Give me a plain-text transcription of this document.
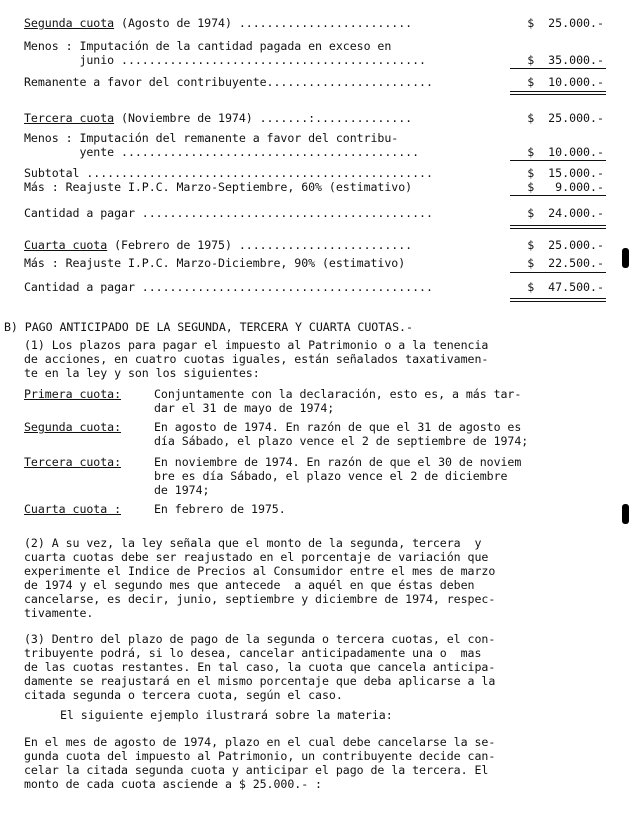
Segunda cuota (Agosto de 1974) .........................	$  25.000.-
Menos : Imputación de la cantidad pagada en exceso en
junio ............................................	$  35.000.-
Remanente a favor del contribuyente........................	$  10.000.-
Tercera cuota (Noviembre de 1974) .......:..............	$  25.000.-
Menos : Imputación del remanente a favor del contribu-
yente ...........................................	$  10.000.-
Subtotal ..................................................	$  15.000.-
Más : Reajuste I.P.C. Marzo-Septiembre, 60% (estimativo)	$   9.000.-
Cantidad a pagar ..........................................	$  24.000.-
Cuarta cuota (Febrero de 1975) .........................	$  25.000.-
Más : Reajuste I.P.C. Marzo-Diciembre, 90% (estimativo)	$  22.500.-
Cantidad a pagar ..........................................	$  47.500.-
B) PAGO ANTICIPADO DE LA SEGUNDA, TERCERA Y CUARTA CUOTAS.-
(1) Los plazos para pagar el impuesto al Patrimonio o a la tenencia
de acciones, en cuatro cuotas iguales, están señalados taxativamen-
te en la ley y son los siguientes:
Primera cuota:	Conjuntamente con la declaración, esto es, a más tar-
dar el 31 de mayo de 1974;
Segunda cuota:	En agosto de 1974. En razón de que el 31 de agosto es
día Sábado, el plazo vence el 2 de septiembre de 1974;
Tercera cuota:	En noviembre de 1974. En razón de que el 30 de noviem
bre es día Sábado, el plazo vence el 2 de diciembre
de 1974;
Cuarta cuota :	En febrero de 1975.
(2) A su vez, la ley señala que el monto de la segunda, tercera  y
cuarta cuotas debe ser reajustado en el porcentaje de variación que
experimente el Indice de Precios al Consumidor entre el mes de marzo
de 1974 y el segundo mes que antecede  a aquél en que éstas deben
cancelarse, es decir, junio, septiembre y diciembre de 1974, respec-
tivamente.
(3) Dentro del plazo de pago de la segunda o tercera cuotas, el con-
tribuyente podrá, si lo desea, cancelar anticipadamente una o  mas
de las cuotas restantes. En tal caso, la cuota que cancela anticipa-
damente se reajustará en el mismo porcentaje que deba aplicarse a la
citada segunda o tercera cuota, según el caso.
El siguiente ejemplo ilustrará sobre la materia:
En el mes de agosto de 1974, plazo en el cual debe cancelarse la se-
gunda cuota del impuesto al Patrimonio, un contribuyente decide can-
celar la citada segunda cuota y anticipar el pago de la tercera. El
monto de cada cuota asciende a $ 25.000.- :
